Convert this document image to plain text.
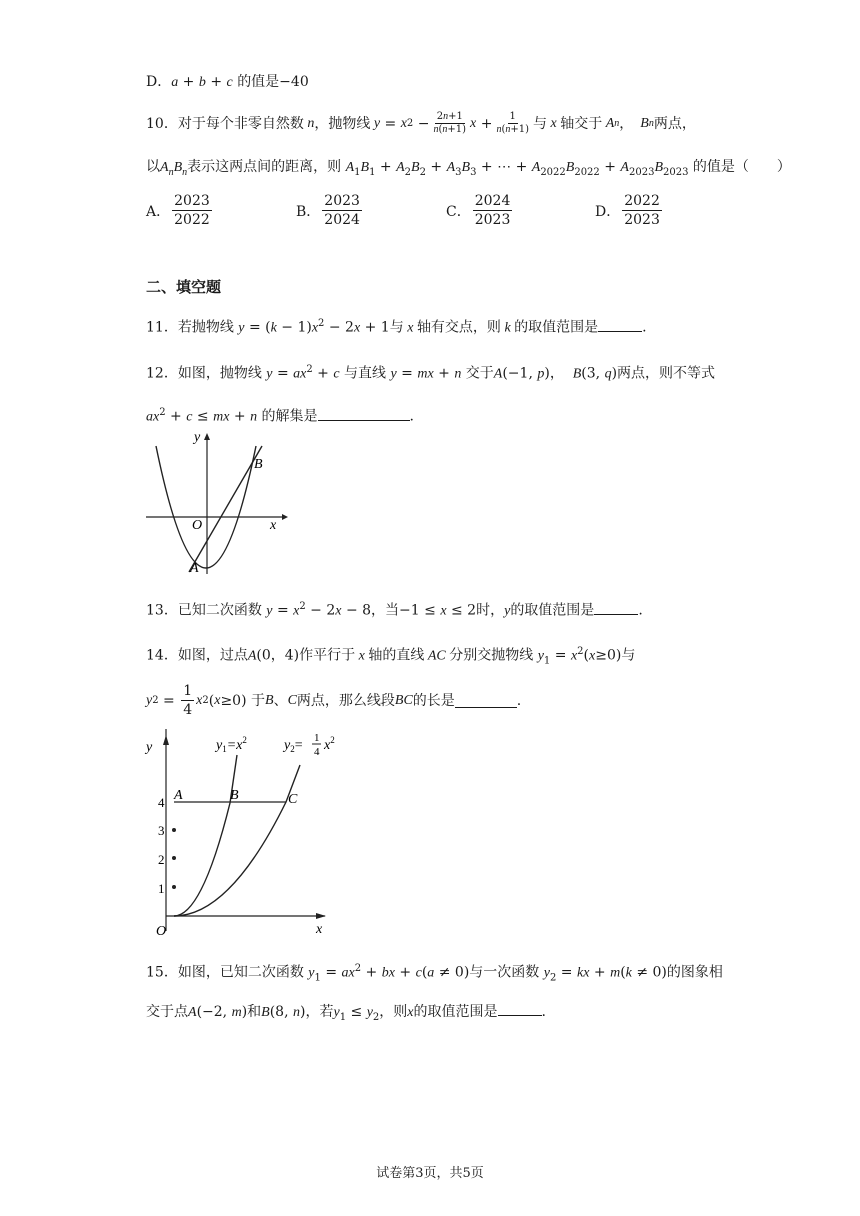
D．a + b + c 的值是−40
10． 对于每个非零自然数 n ，抛物线 y = x $2 - \frac{2n+1}{n(n+1)}$ $x + \frac{1}{n(n+1)}$ 与 x 轴交于 A n ， B n 两点，
以$A_nB_n$表示这两点间的距离，则 $A_1B_1 + A_2B_2 + A_3B_3$ + ⋯ + $A_{2022}B_{2022} + A_{2023}B_{2023}$ 的值是（　　）
A． $\frac{2023}{2022}$	B． $\frac{2023}{2024}$	C． $\frac{2024}{2023}$	D． $\frac{2022}{2023}$
二、填空题
11．若抛物线 $y = (k - 1)x^2 - 2x + 1$与 x 轴有交点，则 k 的取值范围是	.
12．如图，抛物线 $y = ax^2 + c$ 与直线 y = mx + n 交于A(−1, p)， B(3, q)两点，则不等式
$ax^2 + c$ ≤ mx + n 的解集是	.
y
x
O
A
B
13．已知二次函数 $y = x^2 - 2x - 8$，当−1 ≤ x ≤ 2时，y的取值范围是	.
14．如图，过点A(0，4)作平行于 x 轴的直线 AC 分别交抛物线 $y_1 = x^2(x\ge 0)$与
y $2 = \frac{1}{4}$ x 2 ( x ≥0) 于 B 、 C 两点，那么线段 BC 的长是	.
y
x
O
A	B	C
1
2
3
4
$y_1=x^2$	$y_2= 1$
4 $x^2$
15．如图，已知二次函数 $y_1 = ax^2$ + bx + c(a ≠ 0)与一次函数 $y_2$ = kx + m(k ≠ 0)的图象相
交于点A(−2, m)和B(8, n)，若$y_1 \le y_2$，则x的取值范围是	.
试卷第3页，共5页
